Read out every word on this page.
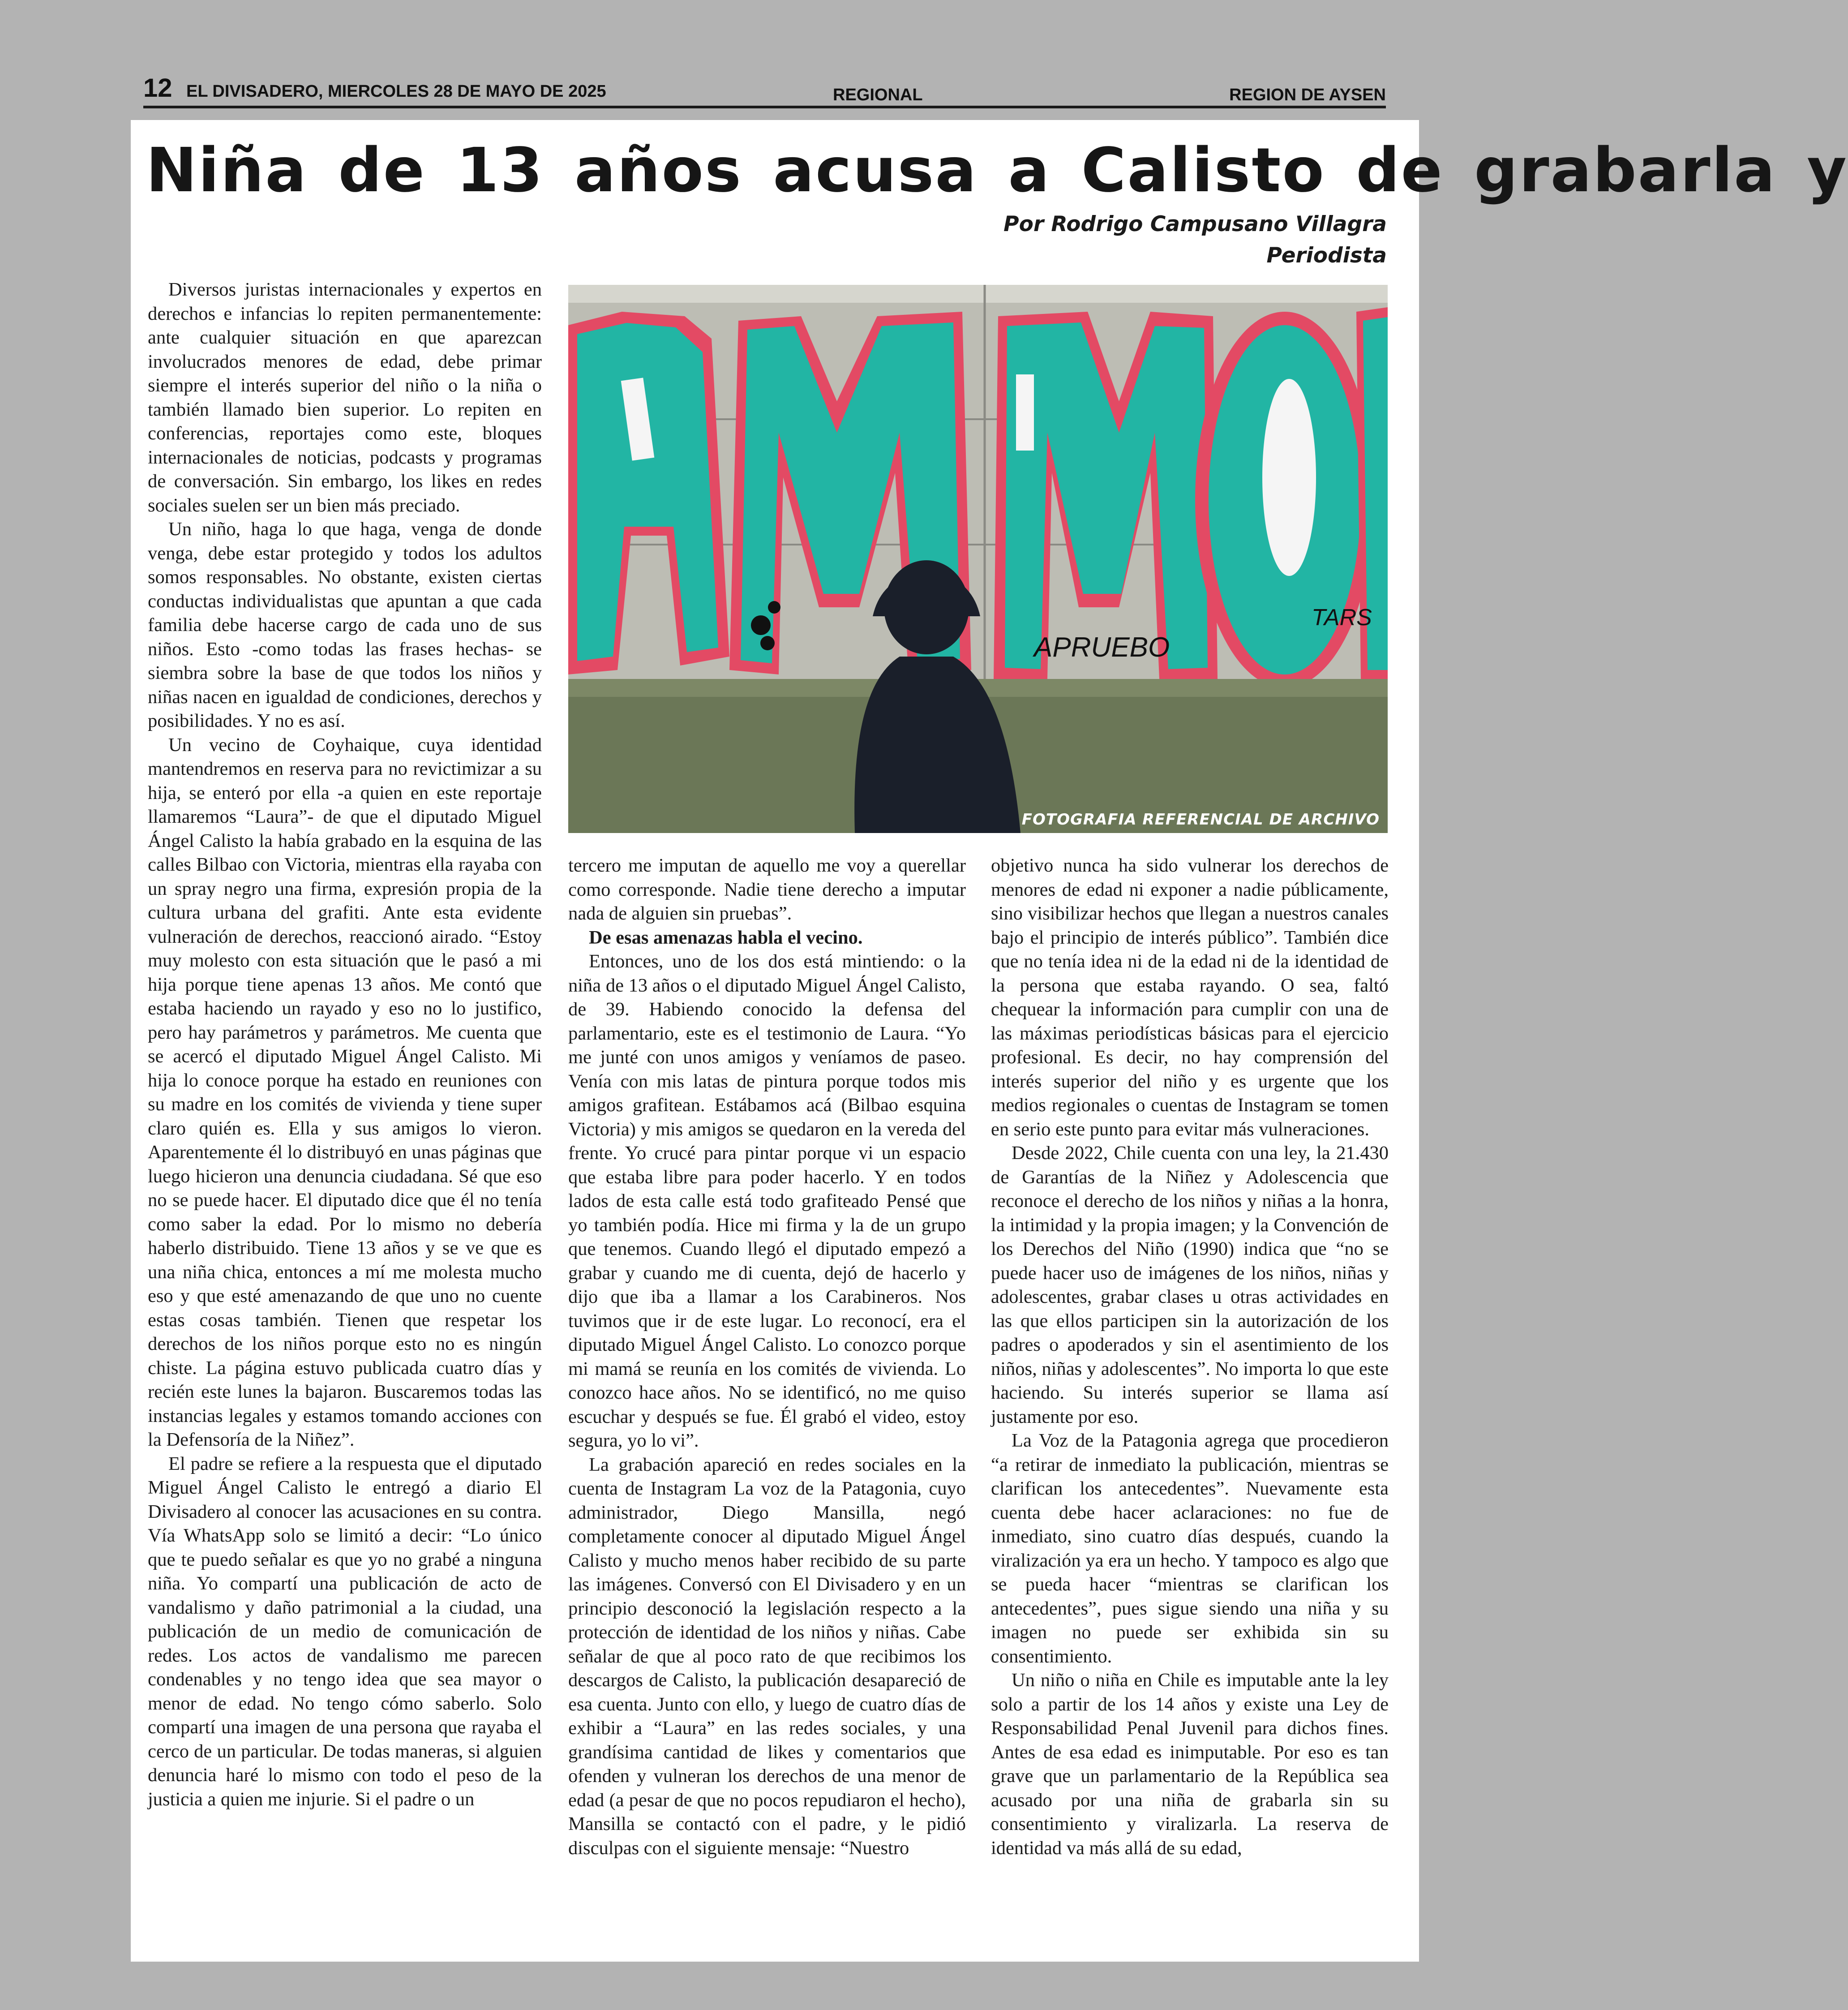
12 EL DIVISADERO, MIERCOLES 28 DE MAYO DE 2025	REGIONAL	REGION DE AYSEN
Niña de 13 años acusa a Calisto de grabarla y
Por Rodrigo Campusano Villagra
Periodista

Diversos juristas internacionales y expertos en derechos e infancias lo repiten permanentemente: ante cualquier situación en que aparezcan involucrados menores de edad, debe primar siempre el interés superior del niño o la niña o también llamado bien superior. Lo repiten en conferencias, reportajes como este, bloques internacionales de noticias, podcasts y programas de conversación. Sin embargo, los likes en redes sociales suelen ser un bien más preciado.

Un niño, haga lo que haga, venga de donde venga, debe estar protegido y todos los adultos somos responsables. No obstante, existen ciertas conductas individualistas que apuntan a que cada familia debe hacerse cargo de cada uno de sus niños. Esto -como todas las frases hechas- se siembra sobre la base de que todos los niños y niñas nacen en igualdad de condiciones, derechos y posibilidades. Y no es así.

Un vecino de Coyhaique, cuya identidad mantendremos en reserva para no revictimizar a su hija, se enteró por ella -a quien en este reportaje llamaremos “Laura”- de que el diputado Miguel Ángel Calisto la había grabado en la esquina de las calles Bilbao con Victoria, mientras ella rayaba con un spray negro una firma, expresión propia de la cultura urbana del grafiti. Ante esta evidente vulneración de derechos, reaccionó airado. “Estoy muy molesto con esta situación que le pasó a mi hija porque tiene apenas 13 años. Me contó que estaba haciendo un rayado y eso no lo justifico, pero hay parámetros y parámetros. Me cuenta que se acercó el diputado Miguel Ángel Calisto. Mi hija lo conoce porque ha estado en reuniones con su madre en los comités de vivienda y tiene super claro quién es. Ella y sus amigos lo vieron. Aparentemente él lo distribuyó en unas páginas que luego hicieron una denuncia ciudadana. Sé que eso no se puede hacer. El diputado dice que él no tenía como saber la edad. Por lo mismo no debería haberlo distribuido. Tiene 13 años y se ve que es una niña chica, entonces a mí me molesta mucho eso y que esté amenazando de que uno no cuente estas cosas también. Tienen que respetar los derechos de los niños porque esto no es ningún chiste. La página estuvo publicada cuatro días y recién este lunes la bajaron. Buscaremos todas las instancias legales y estamos tomando acciones con la Defensoría de la Niñez”.

El padre se refiere a la respuesta que el diputado Miguel Ángel Calisto le entregó a diario El Divisadero al conocer las acusaciones en su contra. Vía WhatsApp solo se limitó a decir: “Lo único que te puedo señalar es que yo no grabé a ninguna niña. Yo compartí una publicación de acto de vandalismo y daño patrimonial a la ciudad, una publicación de un medio de comunicación de redes. Los actos de vandalismo me parecen condenables y no tengo idea que sea mayor o menor de edad. No tengo cómo saberlo. Solo compartí una imagen de una persona que rayaba el cerco de un particular. De todas maneras, si alguien denuncia haré lo mismo con todo el peso de la justicia a quien me injurie. Si el padre o un

APRUEBO
TARS
FOTOGRAFIA REFERENCIAL DE ARCHIVO

tercero me imputan de aquello me voy a querellar como corresponde. Nadie tiene derecho a imputar nada de alguien sin pruebas”.

De esas amenazas habla el vecino.

Entonces, uno de los dos está mintiendo: o la niña de 13 años o el diputado Miguel Ángel Calisto, de 39. Habiendo conocido la defensa del parlamentario, este es el testimonio de Laura. “Yo me junté con unos amigos y veníamos de paseo. Venía con mis latas de pintura porque todos mis amigos grafitean. Estábamos acá (Bilbao esquina Victoria) y mis amigos se quedaron en la vereda del frente. Yo crucé para pintar porque vi un espacio que estaba libre para poder hacerlo. Y en todos lados de esta calle está todo grafiteado Pensé que yo también podía. Hice mi firma y la de un grupo que tenemos. Cuando llegó el diputado empezó a grabar y cuando me di cuenta, dejó de hacerlo y dijo que iba a llamar a los Carabineros. Nos tuvimos que ir de este lugar. Lo reconocí, era el diputado Miguel Ángel Calisto. Lo conozco porque mi mamá se reunía en los comités de vivienda. Lo conozco hace años. No se identificó, no me quiso escuchar y después se fue. Él grabó el video, estoy segura, yo lo vi”.

La grabación apareció en redes sociales en la cuenta de Instagram La voz de la Patagonia, cuyo administrador, Diego Mansilla, negó completamente conocer al diputado Miguel Ángel Calisto y mucho menos haber recibido de su parte las imágenes. Conversó con El Divisadero y en un principio desconoció la legislación respecto a la protección de identidad de los niños y niñas. Cabe señalar de que al poco rato de que recibimos los descargos de Calisto, la publicación desapareció de esa cuenta. Junto con ello, y luego de cuatro días de exhibir a “Laura” en las redes sociales, y una grandísima cantidad de likes y comentarios que ofenden y vulneran los derechos de una menor de edad (a pesar de que no pocos repudiaron el hecho), Mansilla se contactó con el padre, y le pidió disculpas con el siguiente mensaje: “Nuestro

objetivo nunca ha sido vulnerar los derechos de menores de edad ni exponer a nadie públicamente, sino visibilizar hechos que llegan a nuestros canales bajo el principio de interés público”. También dice que no tenía idea ni de la edad ni de la identidad de la persona que estaba rayando. O sea, faltó chequear la información para cumplir con una de las máximas periodísticas básicas para el ejercicio profesional. Es decir, no hay comprensión del interés superior del niño y es urgente que los medios regionales o cuentas de Instagram se tomen en serio este punto para evitar más vulneraciones.

Desde 2022, Chile cuenta con una ley, la 21.430 de Garantías de la Niñez y Adolescencia que reconoce el derecho de los niños y niñas a la honra, la intimidad y la propia imagen; y la Convención de los Derechos del Niño (1990) indica que “no se puede hacer uso de imágenes de los niños, niñas y adolescentes, grabar clases u otras actividades en las que ellos participen sin la autorización de los padres o apoderados y sin el asentimiento de los niños, niñas y adolescentes”. No importa lo que este haciendo. Su interés superior se llama así justamente por eso.

La Voz de la Patagonia agrega que procedieron “a retirar de inmediato la publicación, mientras se clarifican los antecedentes”. Nuevamente esta cuenta debe hacer aclaraciones: no fue de inmediato, sino cuatro días después, cuando la viralización ya era un hecho. Y tampoco es algo que se pueda hacer “mientras se clarifican los antecedentes”, pues sigue siendo una niña y su imagen no puede ser exhibida sin su consentimiento.

Un niño o niña en Chile es imputable ante la ley solo a partir de los 14 años y existe una Ley de Responsabilidad Penal Juvenil para dichos fines. Antes de esa edad es inimputable. Por eso es tan grave que un parlamentario de la República sea acusado por una niña de grabarla sin su consentimiento y viralizarla. La reserva de identidad va más allá de su edad,
